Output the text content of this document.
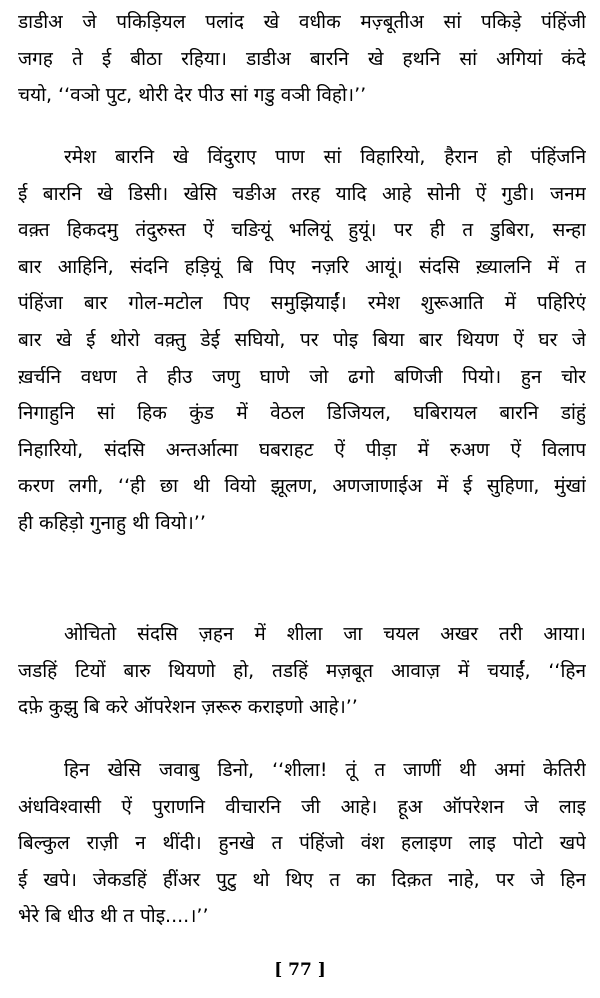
डाडीअ जे पकिड़ियल पलांद खे वधीक मज़्बूतीअ सां पकिड़े पंहिंजी
जगह ते ई बीठा रहिया। डाडीअ बारनि खे हथनि सां अगियां कंदे
चयो, ‘‘वञो पुट, थोरी देर पीउ सां गडु वञी विहो।’’
रमेश बारनि खे विंदुराए पाण सां विहारियो, हैरान हो पंहिंजनि
ई बारनि खे डिसी। खेसि चङीअ तरह यादि आहे सोनी ऐं गुडी। जनम
वक़्त हिकदमु तंदुरुस्त ऐं चङियूं भलियूं हुयूं। पर ही त डुबिरा, सन्हा
बार आहिनि, संदनि हड़ियूं बि पिए नज़रि आयूं। संदसि ख़्यालनि में त
पंहिंजा बार गोल-मटोल पिए समुझियाईं। रमेश शुरूआति में पहिरिएं
बार खे ई थोरो वक़्तु डेई सघियो, पर पोइ बिया बार थियण ऐं घर जे
ख़र्चनि वधण ते हीउ जणु घाणे जो ढगो बणिजी पियो। हुन चोर
निगाहुनि सां हिक कुंड में वेठल डिजियल, घबिरायल बारनि डांहुं
निहारियो, संदसि अन्तर्आत्मा घबराहट ऐं पीड़ा में रुअण ऐं विलाप
करण लगी, ‘‘ही छा थी वियो झूलण, अणजाणाईअ में ई सुहिणा, मुंखां
ही कहिड़ो गुनाहु थी वियो।’’
ओचितो संदसि ज़हन में शीला जा चयल अखर तरी आया।
जडहिं टियों बारु थियणो हो, तडहिं मज़बूत आवाज़ में चयाईं, ‘‘हिन
दफ़े कुझु बि करे ऑपरेशन ज़रूरु कराइणो आहे।’’
हिन खेसि जवाबु डिनो, ‘‘शीला! तूं त जाणीं थी अमां केतिरी
अंधविश्वासी ऐं पुराणनि वीचारनि जी आहे। हूअ ऑपरेशन जे लाइ
बिल्कुल राज़ी न थींदी। हुनखे त पंहिंजो वंश हलाइण लाइ पोटो खपे
ई खपे। जेकडहिं हींअर पुटु थो थिए त का दिक़त नाहे, पर जे हिन
भेरे बि धीउ थी त पोइ....।’’
[ 77 ]
